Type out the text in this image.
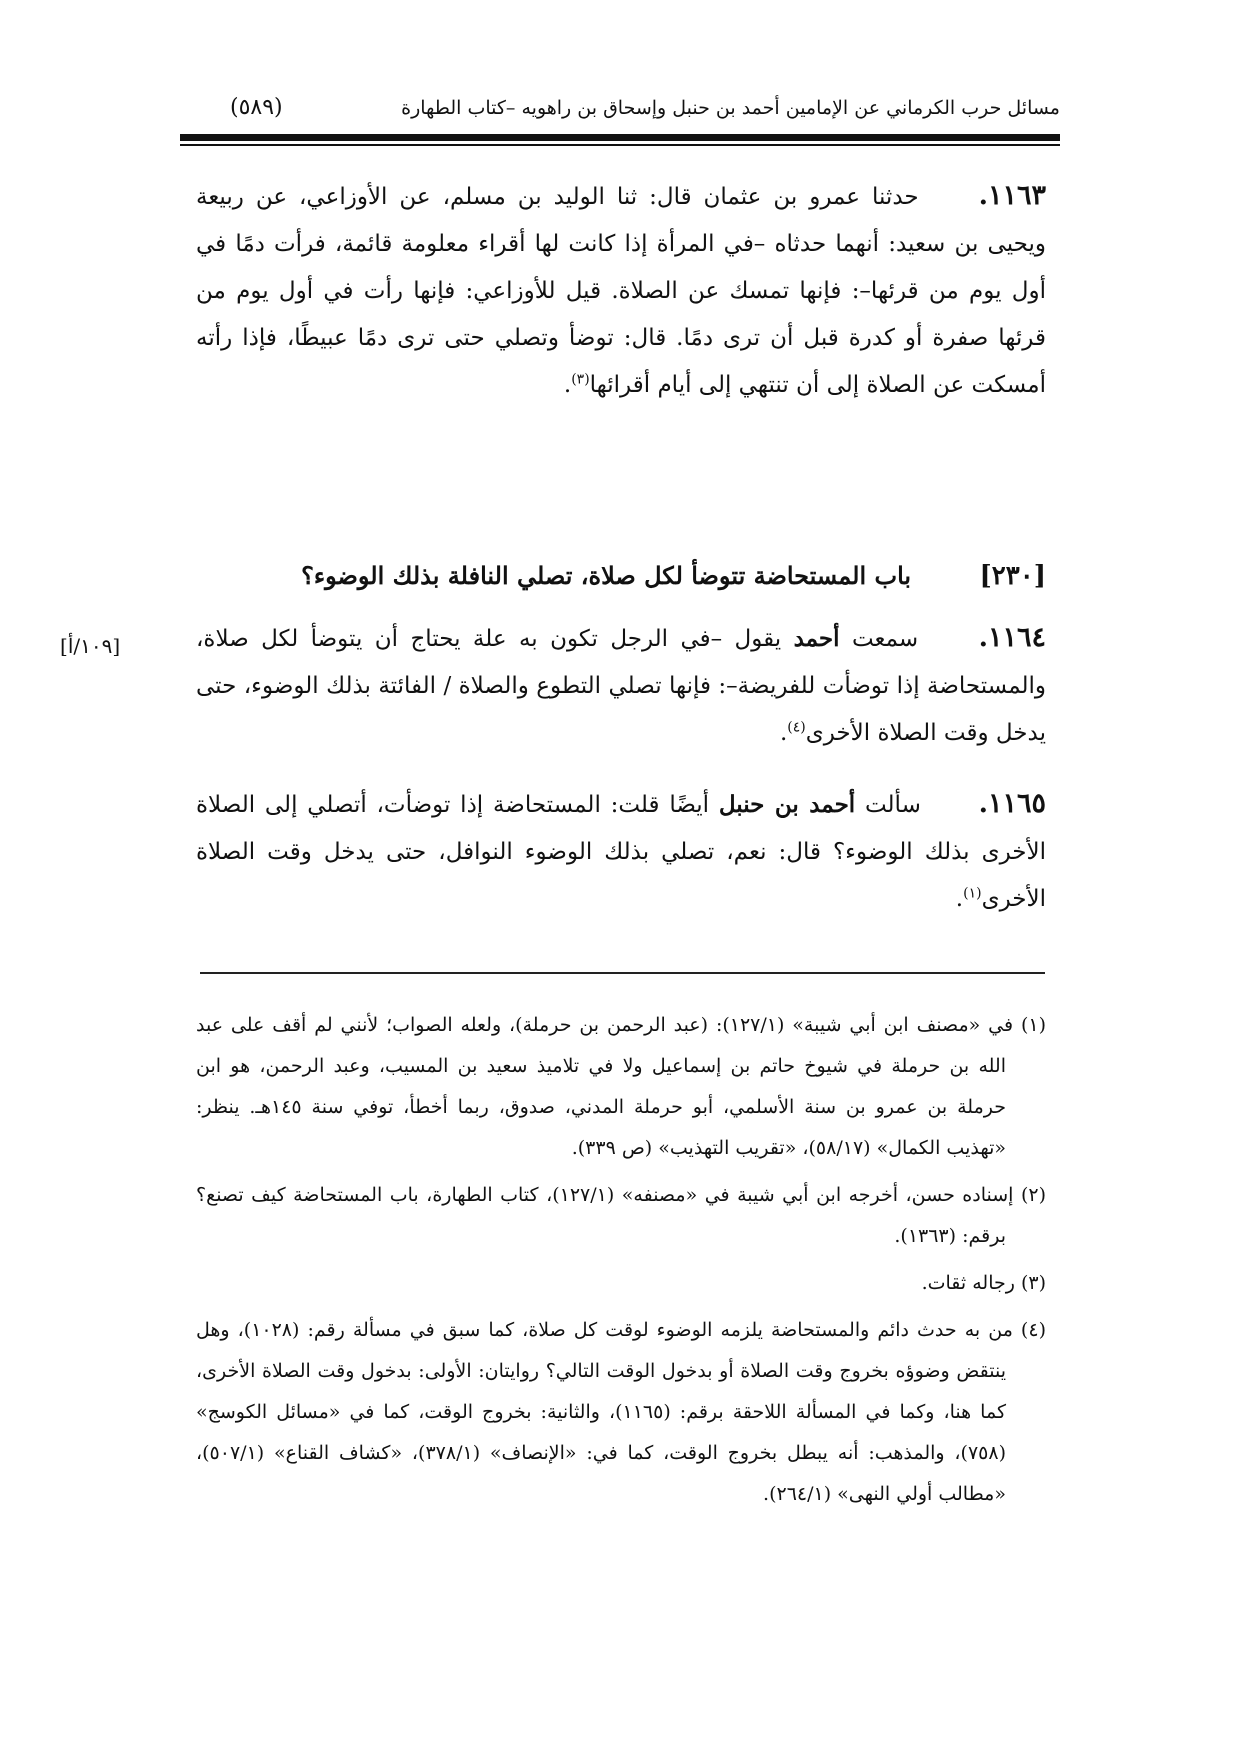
مسائل حرب الكرماني عن الإمامين أحمد بن حنبل وإسحاق بن راهويه –كتاب الطهارة
(٥٨٩)
١١٦٣. حدثنا عمرو بن عثمان قال: ثنا الوليد بن مسلم، عن الأوزاعي، عن ربيعة ويحيى بن سعيد: أنهما حدثاه –في المرأة إذا كانت لها أقراء معلومة قائمة، فرأت دمًا في أول يوم من قرئها–: فإنها تمسك عن الصلاة. قيل للأوزاعي: فإنها رأت في أول يوم من قرئها صفرة أو كدرة قبل أن ترى دمًا. قال: توضأ وتصلي حتى ترى دمًا عبيطًا، فإذا رأته أمسكت عن الصلاة إلى أن تنتهي إلى أيام أقرائها$^{(٣)}$.
[٢٣٠] باب المستحاضة تتوضأ لكل صلاة، تصلي النافلة بذلك الوضوء؟
[١٠٩/أ]	١١٦٤. سمعت أحمد يقول –في الرجل تكون به علة يحتاج أن يتوضأ لكل صلاة، والمستحاضة إذا توضأت للفريضة–: فإنها تصلي التطوع والصلاة / الفائتة بذلك الوضوء، حتى يدخل وقت الصلاة الأخرى$^{(٤)}$.
١١٦٥. سألت أحمد بن حنبل أيضًا قلت: المستحاضة إذا توضأت، أتصلي إلى الصلاة الأخرى بذلك الوضوء؟ قال: نعم، تصلي بذلك الوضوء النوافل، حتى يدخل وقت الصلاة الأخرى$^{(١)}$.

(١) في «مصنف ابن أبي شيبة» (١٢٧/١): (عبد الرحمن بن حرملة)، ولعله الصواب؛ لأنني لم أقف على عبد الله بن حرملة في شيوخ حاتم بن إسماعيل ولا في تلاميذ سعيد بن المسيب، وعبد الرحمن، هو ابن حرملة بن عمرو بن سنة الأسلمي، أبو حرملة المدني، صدوق، ربما أخطأ، توفي سنة ١٤٥هـ. ينظر: «تهذيب الكمال» (٥٨/١٧)، «تقريب التهذيب» (ص ٣٣٩).

(٢) إسناده حسن، أخرجه ابن أبي شيبة في «مصنفه» (١٢٧/١)، كتاب الطهارة، باب المستحاضة كيف تصنع؟ برقم: (١٣٦٣).

(٣) رجاله ثقات.

(٤) من به حدث دائم والمستحاضة يلزمه الوضوء لوقت كل صلاة، كما سبق في مسألة رقم: (١٠٢٨)، وهل ينتقض وضوؤه بخروج وقت الصلاة أو بدخول الوقت التالي؟ روايتان: الأولى: بدخول وقت الصلاة الأخرى، كما هنا، وكما في المسألة اللاحقة برقم: (١١٦٥)، والثانية: بخروج الوقت، كما في «مسائل الكوسج» (٧٥٨)، والمذهب: أنه يبطل بخروج الوقت، كما في: «الإنصاف» (٣٧٨/١)، «كشاف القناع» (٥٠٧/١)، «مطالب أولي النهى» (٢٦٤/١).
